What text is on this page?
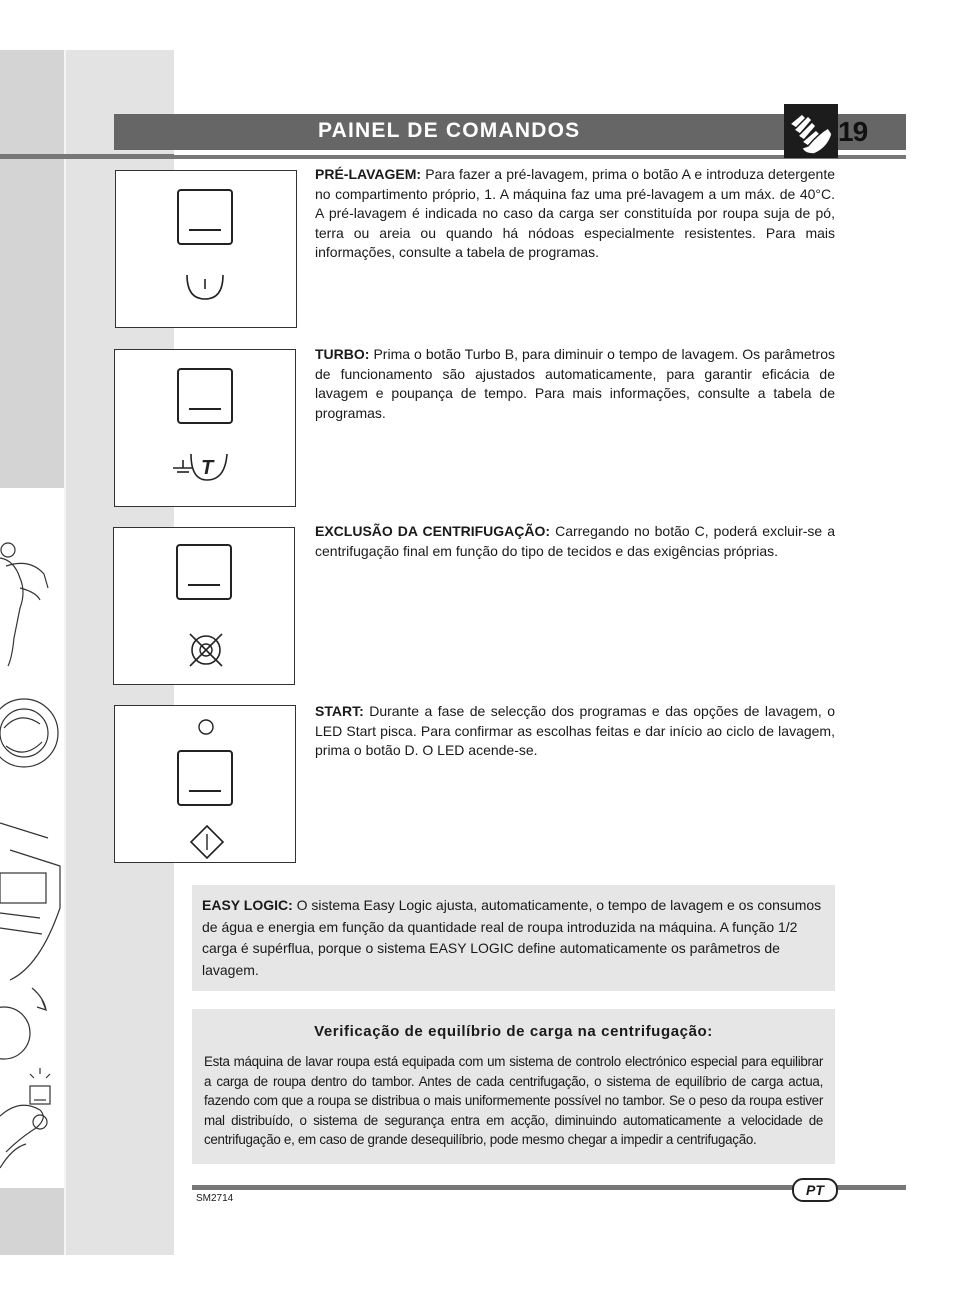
PAINEL DE COMANDOS	19
PRÉ-LAVAGEM: Para fazer a pré-lavagem, prima o botão A e introduza detergente no compartimento próprio, 1. A máquina faz uma pré-lavagem a um máx. de 40°C. A pré-lavagem é indicada no caso da carga ser constituída por roupa suja de pó, terra ou areia ou quando há nódoas especialmente resistentes. Para mais informações, consulte a tabela de programas.
T
TURBO: Prima o botão Turbo B, para diminuir o tempo de lavagem. Os parâmetros de funcionamento são ajustados automaticamente, para garantir eficácia de lavagem e poupança de tempo. Para mais informações, consulte a tabela de programas.
EXCLUSÃO DA CENTRIFUGAÇÃO: Carregando no botão C, poderá excluir-se a centrifugação final em função do tipo de tecidos e das exigências próprias.
START: Durante a fase de selecção dos programas e das opções de lavagem, o LED Start pisca. Para confirmar as escolhas feitas e dar início ao ciclo de lavagem, prima o botão D. O LED acende-se.
EASY LOGIC: O sistema Easy Logic ajusta, automaticamente, o tempo de lavagem e os consumos de água e energia em função da quantidade real de roupa introduzida na máquina. A função 1/2 carga é supérflua, porque o sistema EASY LOGIC define automaticamente os parâmetros de lavagem.
Verificação de equilíbrio de carga na centrifugação:
Esta máquina de lavar roupa está equipada com um sistema de controlo electrónico especial para equilibrar a carga de roupa dentro do tambor. Antes de cada centrifugação, o sistema de equilíbrio de carga actua, fazendo com que a roupa se distribua o mais uniformemente possível no tambor. Se o peso da roupa estiver mal distribuído, o sistema de segurança entra em acção, diminuindo automaticamente a velocidade de centrifugação e, em caso de grande desequilíbrio, pode mesmo chegar a impedir a centrifugação.
PT
SM2714
